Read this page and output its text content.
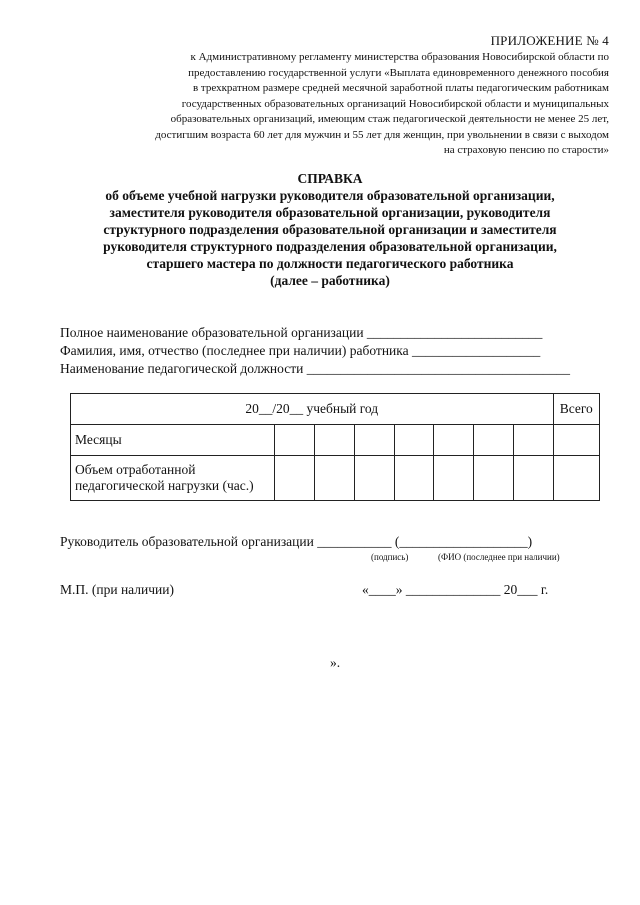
ПРИЛОЖЕНИЕ № 4
к Административному регламенту министерства образования Новосибирской области по
предоставлению государственной услуги «Выплата единовременного денежного пособия
в трехкратном размере средней месячной заработной платы педагогическим работникам
государственных образовательных организаций Новосибирской области и муниципальных
образовательных организаций, имеющим стаж педагогической деятельности не менее 25 лет,
достигшим возраста 60 лет для мужчин и 55 лет для женщин, при увольнении в связи с выходом
на страховую пенсию по старости»
СПРАВКА
об объеме учебной нагрузки руководителя образовательной организации,
заместителя руководителя образовательной организации, руководителя
структурного подразделения образовательной организации и заместителя
руководителя структурного подразделения образовательной организации,
старшего мастера по должности педагогического работника
(далее – работника)
Полное наименование образовательной организации __________________________
Фамилия, имя, отчество (последнее при наличии) работника ___________________
Наименование педагогической должности _______________________________________
20__/20__ учебный год								Всего
Месяцы								
Объем отработанной
педагогической нагрузки (час.)								
Руководитель образовательной организации ___________ (___________________)
(подпись)	(ФИО (последнее при наличии)
М.П. (при наличии)	«____» ______________ 20___ г.
».
